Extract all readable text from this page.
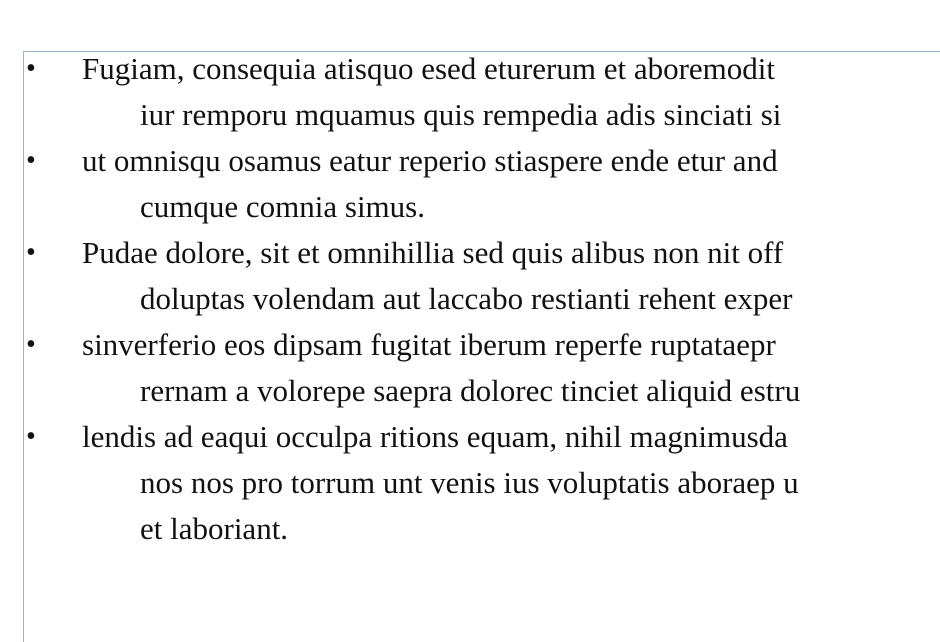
•	Fugiam, consequia atisquo esed eturerum et aboremodit
iur remporu mquamus quis rempedia adis sinciati si
•	ut omnisqu osamus eatur reperio stiaspere ende etur and
cumque comnia simus.
•	Pudae dolore, sit et omnihillia sed quis alibus non nit off
doluptas volendam aut laccabo restianti rehent exper
•	sinverferio eos dipsam fugitat iberum reperfe ruptataepr
rernam a volorepe saepra dolorec tinciet aliquid estru
•	lendis ad eaqui occulpa ritions equam, nihil magnimusda
nos nos pro torrum unt venis ius voluptatis aboraep u
et laboriant.
